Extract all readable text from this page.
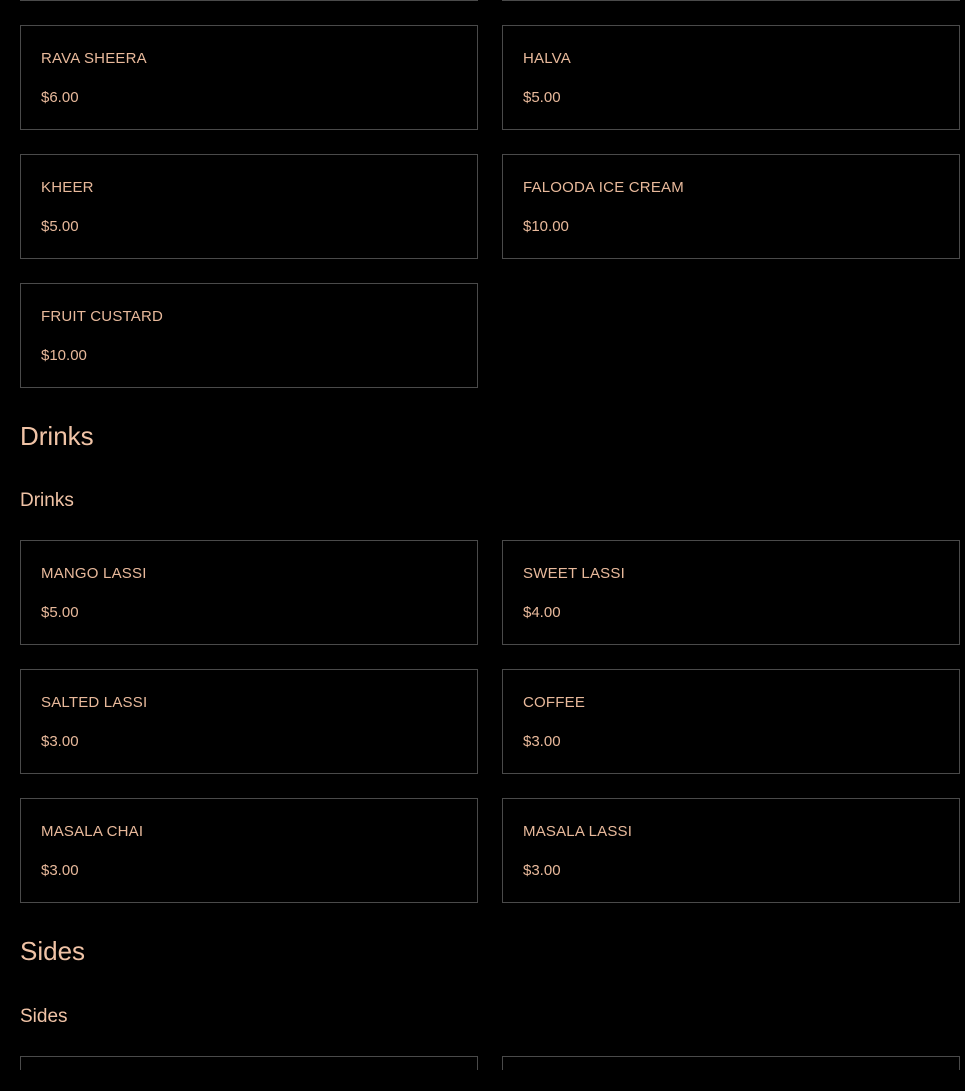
RAVA SHEERA
$6.00
HALVA
$5.00
KHEER
$5.00
FALOODA ICE CREAM
$10.00
FRUIT CUSTARD
$10.00
Drinks
Drinks
MANGO LASSI
$5.00
SWEET LASSI
$4.00
SALTED LASSI
$3.00
COFFEE
$3.00
MASALA CHAI
$3.00
MASALA LASSI
$3.00
Sides
Sides
